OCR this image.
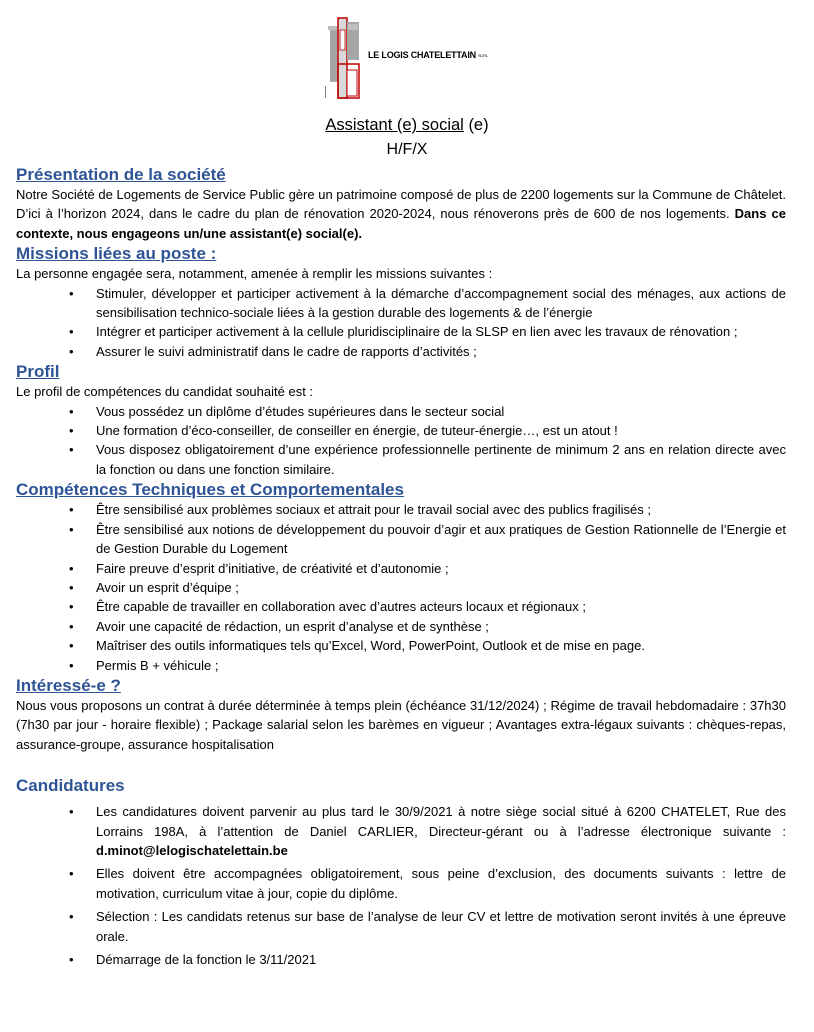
LE LOGIS CHATELETTAIN SCRL
Assistant (e) social (e)
H/F/X
Présentation de la société

Notre Société de Logements de Service Public gère un patrimoine composé de plus de 2200 logements sur la Commune de Châtelet. D’ici à l’horizon 2024, dans le cadre du plan de rénovation 2020-2024, nous rénoverons près de 600 de nos logements. Dans ce contexte, nous engageons un/une assistant(e) social(e).

Missions liées au poste :

La personne engagée sera, notamment, amenée à remplir les missions suivantes :

• Stimuler, développer et participer activement à la démarche d’accompagnement social des ménages, aux actions de sensibilisation technico-sociale liées à la gestion durable des logements & de l’énergie
• Intégrer et participer activement à la cellule pluridisciplinaire de la SLSP en lien avec les travaux de rénovation ;
• Assurer le suivi administratif dans le cadre de rapports d’activités ;
Profil

Le profil de compétences du candidat souhaité est :

• Vous possédez un diplôme d’études supérieures dans le secteur social
• Une formation d’éco-conseiller, de conseiller en énergie, de tuteur-énergie…, est un atout !
• Vous disposez obligatoirement d’une expérience professionnelle pertinente de minimum 2 ans en relation directe avec la fonction ou dans une fonction similaire.
Compétences Techniques et Comportementales
• Être sensibilisé aux problèmes sociaux et attrait pour le travail social avec des publics fragilisés ;
• Être sensibilisé aux notions de développement du pouvoir d’agir et aux pratiques de Gestion Rationnelle de l’Energie et de Gestion Durable du Logement
• Faire preuve d’esprit d’initiative, de créativité et d’autonomie ;
• Avoir un esprit d’équipe ;
• Être capable de travailler en collaboration avec d’autres acteurs locaux et régionaux ;
• Avoir une capacité de rédaction, un esprit d’analyse et de synthèse ;
• Maîtriser des outils informatiques tels qu’Excel, Word, PowerPoint, Outlook et de mise en page.
• Permis B + véhicule ;
Intéressé-e ?

Nous vous proposons un contrat à durée déterminée à temps plein (échéance 31/12/2024) ; Régime de travail hebdomadaire : 37h30 (7h30 par jour - horaire flexible) ; Package salarial selon les barèmes en vigueur ; Avantages extra-légaux suivants : chèques-repas, assurance-groupe, assurance hospitalisation

Candidatures
• Les candidatures doivent parvenir au plus tard le 30/9/2021 à notre siège social situé à 6200 CHATELET, Rue des Lorrains 198A, à l’attention de Daniel CARLIER, Directeur-gérant ou à l’adresse électronique suivante : d.minot@lelogischatelettain.be
• Elles doivent être accompagnées obligatoirement, sous peine d’exclusion, des documents suivants : lettre de motivation, curriculum vitae à jour, copie du diplôme.
• Sélection : Les candidats retenus sur base de l’analyse de leur CV et lettre de motivation seront invités à une épreuve orale.
• Démarrage de la fonction le 3/11/2021
